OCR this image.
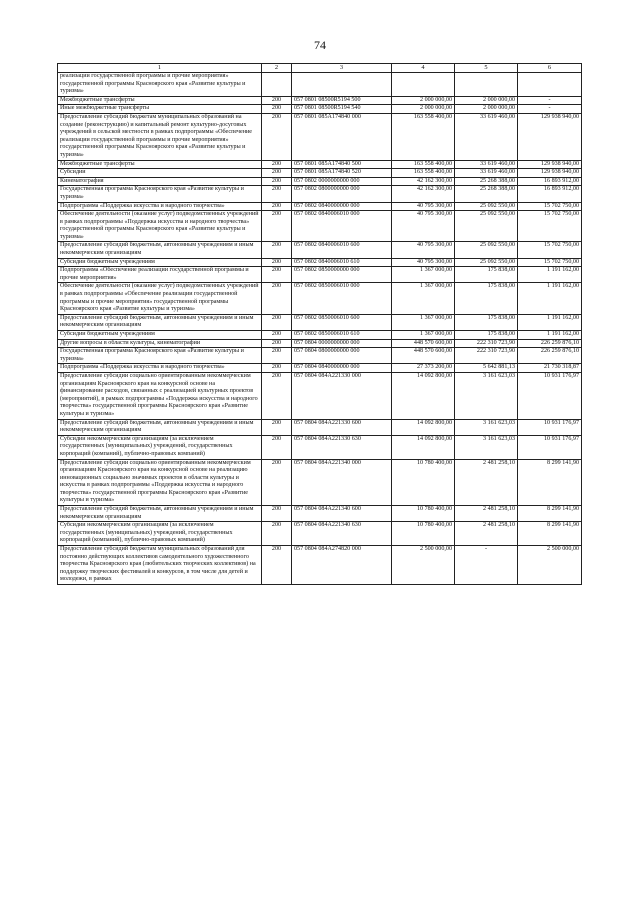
74
1	2	3	4	5	6
реализации государственной программы и прочие мероприятия» государственной программы Красноярского края «Развитие культуры и туризма»					
Межбюджетные трансферты	200	057 0801 08500R5194 500	2 000 000,00	2 000 000,00	-
Иные межбюджетные трансферты	200	057 0801 08500R5194 540	2 000 000,00	2 000 000,00	-
Предоставление субсидий бюджетам муниципальных образований на создание (реконструкцию) и капитальный ремонт культурно-досуговых учреждений в сельской местности в рамках подпрограммы «Обеспечение реализации государственной программы и прочие мероприятия» государственной программы Красноярского края «Развитие культуры и туризма»	200	057 0801 085A174840 000	163 558 400,00	33 619 460,00	129 938 940,00
Межбюджетные трансферты	200	057 0801 085A174840 500	163 558 400,00	33 619 460,00	129 938 940,00
Субсидии	200	057 0801 085A174840 520	163 558 400,00	33 619 460,00	129 938 940,00
Кинематография	200	057 0802 0000000000 000	42 162 300,00	25 268 388,00	16 893 912,00
Государственная программа Красноярского края «Развитие культуры и туризма»	200	057 0802 0800000000 000	42 162 300,00	25 268 388,00	16 893 912,00
Подпрограмма «Поддержка искусства и народного творчества»	200	057 0802 0840000000 000	40 795 300,00	25 092 550,00	15 702 750,00
Обеспечение деятельности (оказание услуг) подведомственных учреждений в рамках подпрограммы «Поддержка искусства и народного творчества» государственной программы Красноярского края «Развитие культуры и туризма»	200	057 0802 0840006010 000	40 795 300,00	25 092 550,00	15 702 750,00
Предоставление субсидий бюджетным, автономным учреждениям и иным некоммерческим организациям	200	057 0802 0840006010 600	40 795 300,00	25 092 550,00	15 702 750,00
Субсидии бюджетным учреждениям	200	057 0802 0840006010 610	40 795 300,00	25 092 550,00	15 702 750,00
Подпрограмма «Обеспечение реализации государственной программы и прочие мероприятия»	200	057 0802 0850000000 000	1 367 000,00	175 838,00	1 191 162,00
Обеспечение деятельности (оказание услуг) подведомственных учреждений в рамках подпрограммы «Обеспечение реализации государственной программы и прочие мероприятия» государственной программы Красноярского края «Развитие культуры и туризма»	200	057 0802 0850006010 000	1 367 000,00	175 838,00	1 191 162,00
Предоставление субсидий бюджетным, автономным учреждениям и иным некоммерческим организациям	200	057 0802 0850006010 600	1 367 000,00	175 838,00	1 191 162,00
Субсидии бюджетным учреждениям	200	057 0802 0850006010 610	1 367 000,00	175 838,00	1 191 162,00
Другие вопросы в области культуры, кинематографии	200	057 0804 0000000000 000	448 570 600,00	222 310 723,90	226 259 876,10
Государственная программа Красноярского края «Развитие культуры и туризма»	200	057 0804 0800000000 000	448 570 600,00	222 310 723,90	226 259 876,10
Подпрограмма «Поддержка искусства и народного творчества»	200	057 0804 0840000000 000	27 373 200,00	5 642 881,13	21 730 318,87
Предоставление субсидии социально ориентированным некоммерческим организациям Красноярского края на конкурсной основе на финансирование расходов, связанных с реализацией культурных проектов (мероприятий), в рамках подпрограммы «Поддержка искусства и народного творчества» государственной программы Красноярского края «Развитие культуры и туризма»	200	057 0804 084А221330 000	14 092 800,00	3 161 623,03	10 931 176,97
Предоставление субсидий бюджетным, автономным учреждениям и иным некоммерческим организациям	200	057 0804 084А221330 600	14 092 800,00	3 161 623,03	10 931 176,97
Субсидии некоммерческим организациям (за исключением государственных (муниципальных) учреждений, государственных корпораций (компаний), публично-правовых компаний)	200	057 0804 084А221330 630	14 092 800,00	3 161 623,03	10 931 176,97
Предоставление субсидии социально ориентированным некоммерческим организациям Красноярского края на конкурсной основе на реализацию инновационных социально значимых проектов в области культуры и искусства в рамках подпрограммы «Поддержка искусства и народного творчества» государственной программы Красноярского края «Развитие культуры и туризма»	200	057 0804 084А221340 000	10 780 400,00	2 481 258,10	8 299 141,90
Предоставление субсидий бюджетным, автономным учреждениям и иным некоммерческим организациям	200	057 0804 084А221340 600	10 780 400,00	2 481 258,10	8 299 141,90
Субсидии некоммерческим организациям (за исключением государственных (муниципальных) учреждений, государственных корпораций (компаний), публично-правовых компаний)	200	057 0804 084А221340 630	10 780 400,00	2 481 258,10	8 299 141,90
Предоставление субсидий бюджетам муниципальных образований для постоянно действующих коллективов самодеятельного художественного творчества Красноярского края (любительских творческих коллективов) на поддержку творческих фестивалей и конкурсов, в том числе для детей и молодежи, в рамках	200	057 0804 084А274820 000	2 500 000,00	-	2 500 000,00
